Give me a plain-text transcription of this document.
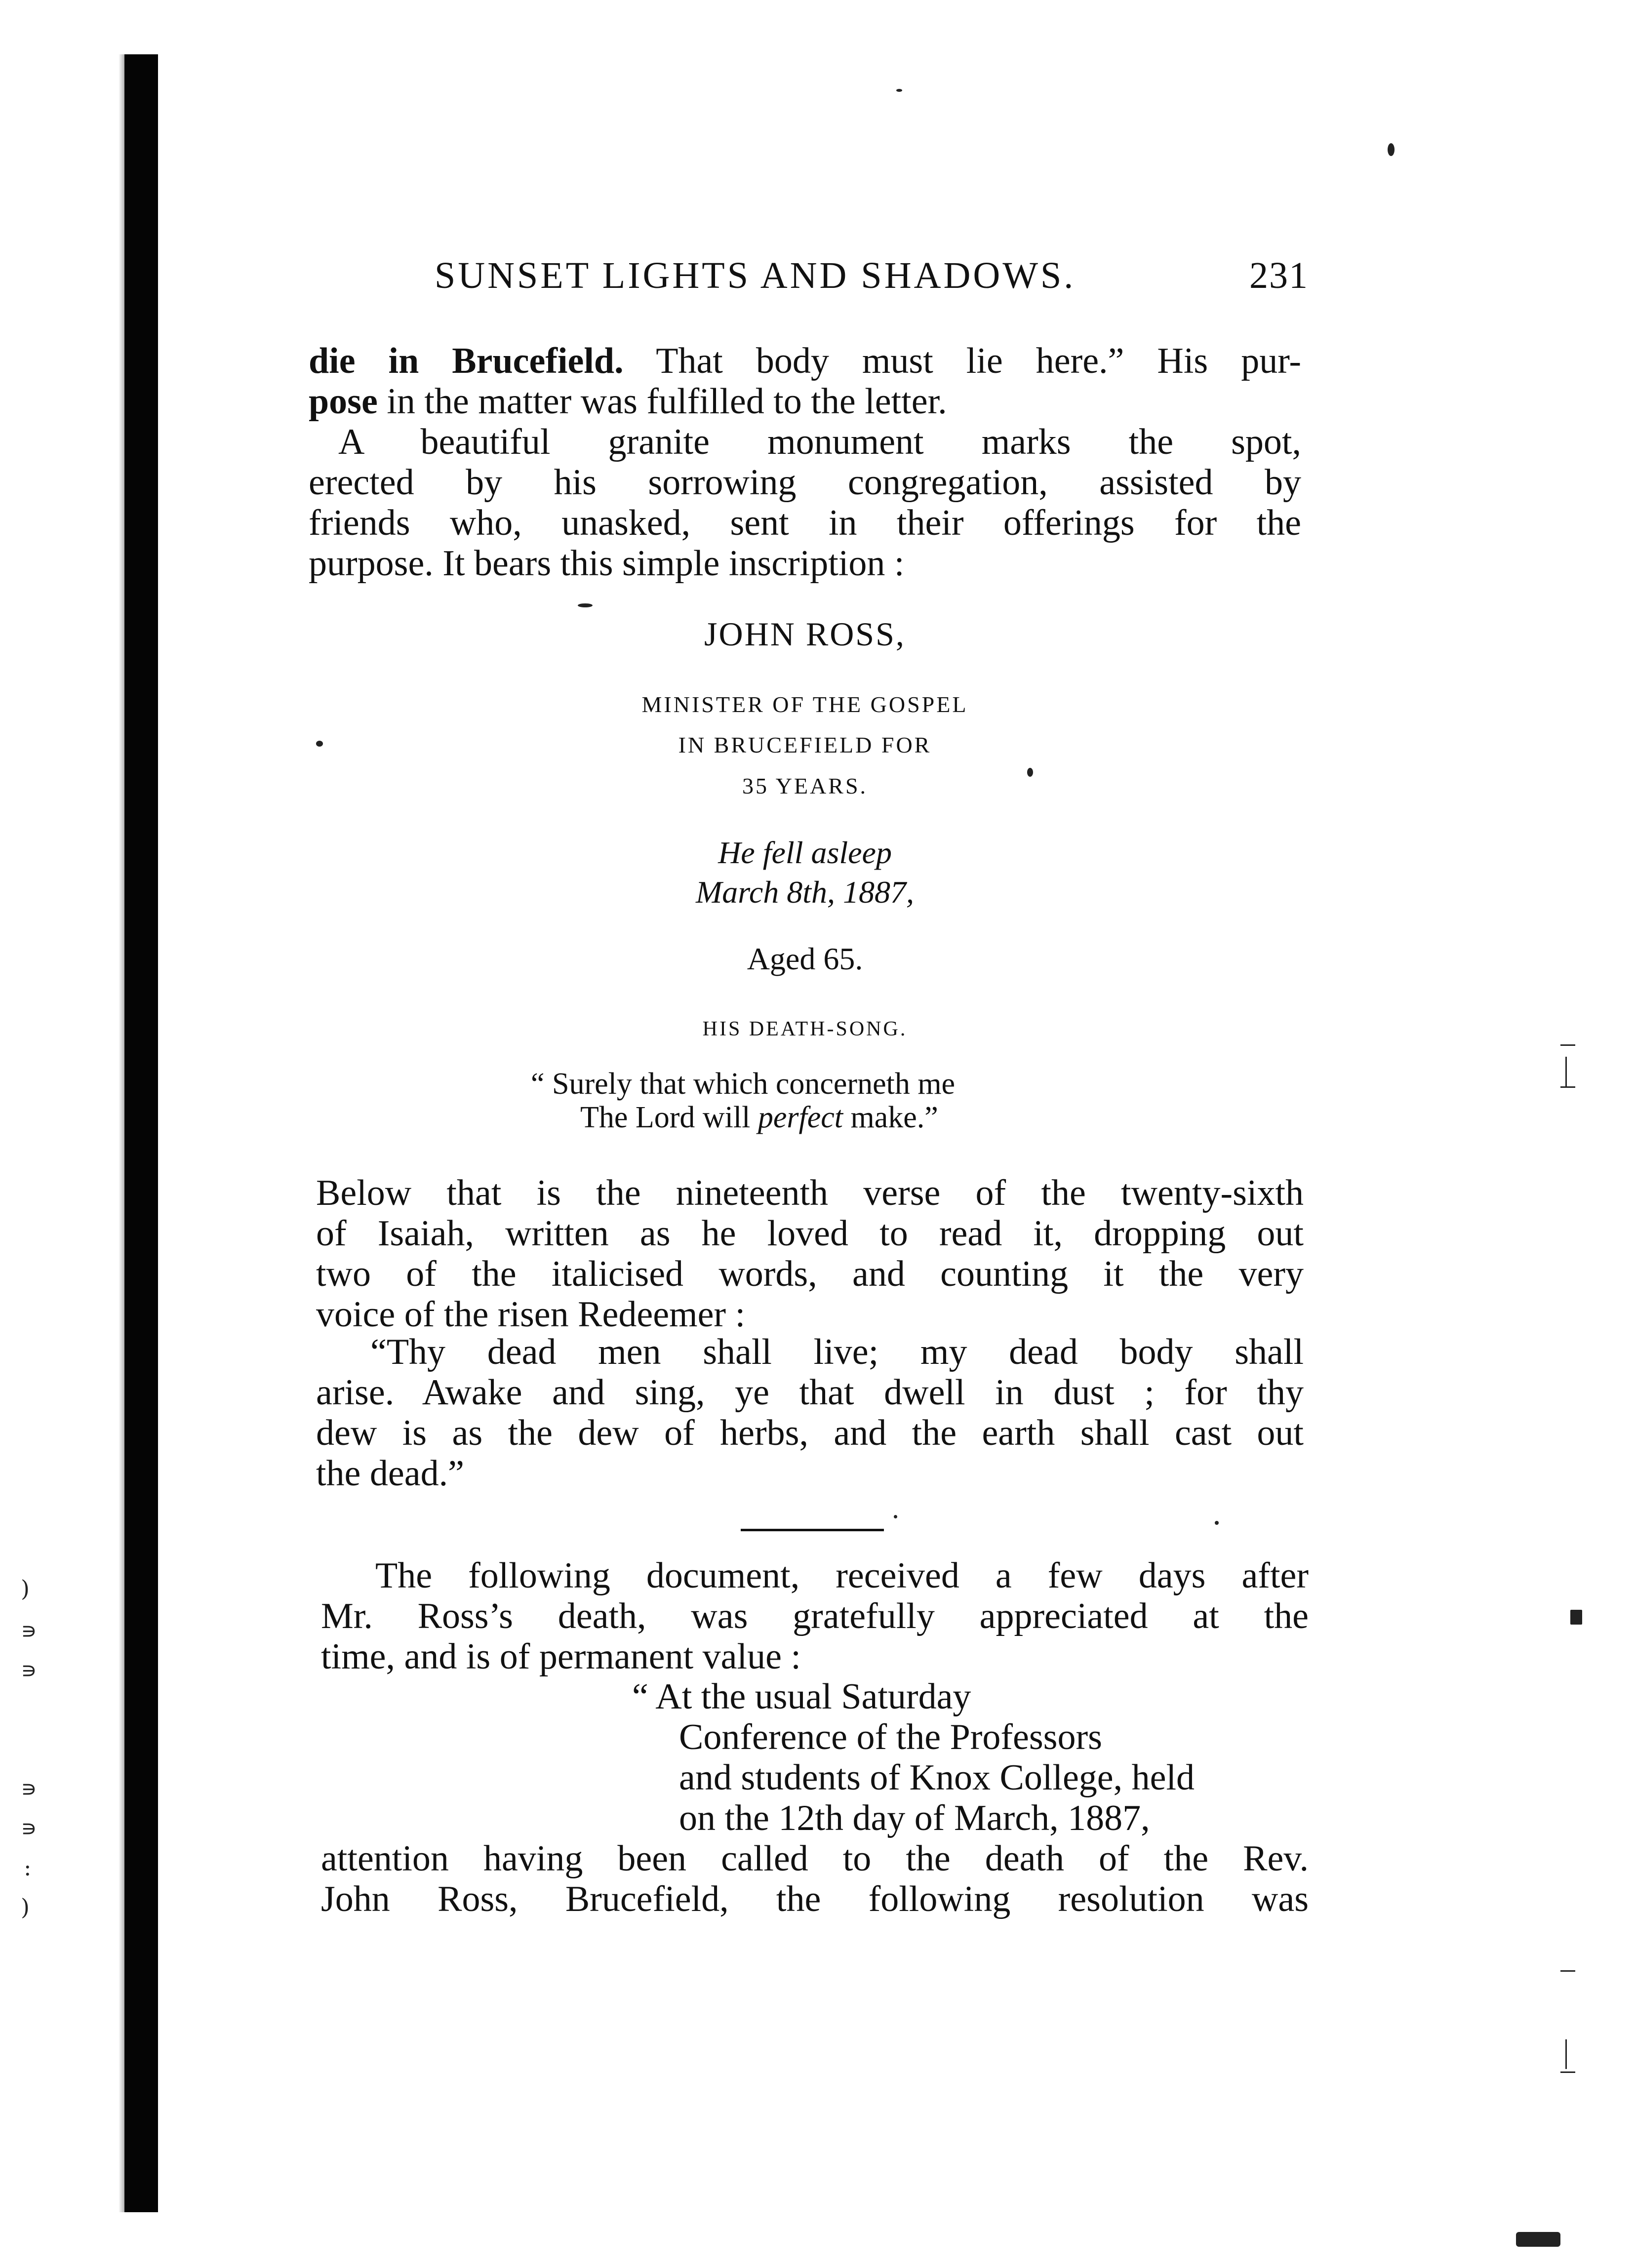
)
∍
∍
∍
∍
:
)
SUNSET LIGHTS AND SHADOWS.	231
die in Brucefield. That body must lie here.” His pur-
pose in the matter was fulfilled to the letter.
A beautiful granite monument marks the spot,
erected by his sorrowing congregation, assisted by
friends who, unasked, sent in their offerings for the
purpose. It bears this simple inscription :
JOHN ROSS,
MINISTER OF THE GOSPEL
IN BRUCEFIELD FOR
35 YEARS.
He fell asleep
March 8th, 1887,
Aged 65.
HIS DEATH-SONG.
“ Surely that which concerneth me
The Lord will perfect make.”
Below that is the nineteenth verse of the twenty-sixth
of Isaiah, written as he loved to read it, dropping out
two of the italicised words, and counting it the very
voice of the risen Redeemer :
“Thy dead men shall live; my dead body shall
arise. Awake and sing, ye that dwell in dust ; for thy
dew is as the dew of herbs, and the earth shall cast out
the dead.”
The following document, received a few days after
Mr. Ross’s death, was gratefully appreciated at the
time, and is of permanent value :
“ At the usual Saturday
Conference of the Professors
and students of Knox College, held
on the 12th day of March, 1887,
attention having been called to the death of the Rev.
John Ross, Brucefield, the following resolution was
